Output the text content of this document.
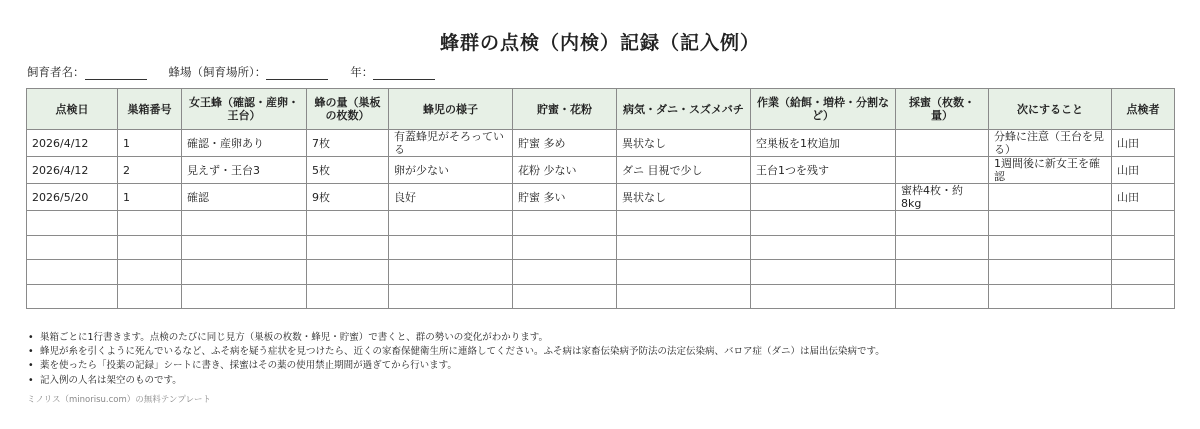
蜂群の点検（内検）記録（記入例）
飼育者名：	蜂場（飼育場所）：	年：
点検日	巣箱番号	女王蜂（確認・産卵・王台）	蜂の量（巣板の枚数）	蜂児の様子	貯蜜・花粉	病気・ダニ・スズメバチ	作業（給餌・増枠・分割など）	採蜜（枚数・量）	次にすること	点検者
2026/4/12	1	確認・産卵あり	7枚	有蓋蜂児がそろっている	貯蜜 多め	異状なし	空巣板を1枚追加		分蜂に注意（王台を見る）	山田
2026/4/12	2	見えず・王台3	5枚	卵が少ない	花粉 少ない	ダニ 目視で少し	王台1つを残す		1週間後に新女王を確認	山田
2026/5/20	1	確認	9枚	良好	貯蜜 多い	異状なし		蜜枠4枚・約8kg		山田

• 巣箱ごとに1行書きます。点検のたびに同じ見方（巣板の枚数・蜂児・貯蜜）で書くと、群の勢いの変化がわかります。
• 蜂児が糸を引くように死んでいるなど、ふそ病を疑う症状を見つけたら、近くの家畜保健衛生所に連絡してください。ふそ病は家畜伝染病予防法の法定伝染病、バロア症（ダニ）は届出伝染病です。
• 薬を使ったら「投薬の記録」シートに書き、採蜜はその薬の使用禁止期間が過ぎてから行います。
• 記入例の人名は架空のものです。
ミノリス（minorisu.com）の無料テンプレート
